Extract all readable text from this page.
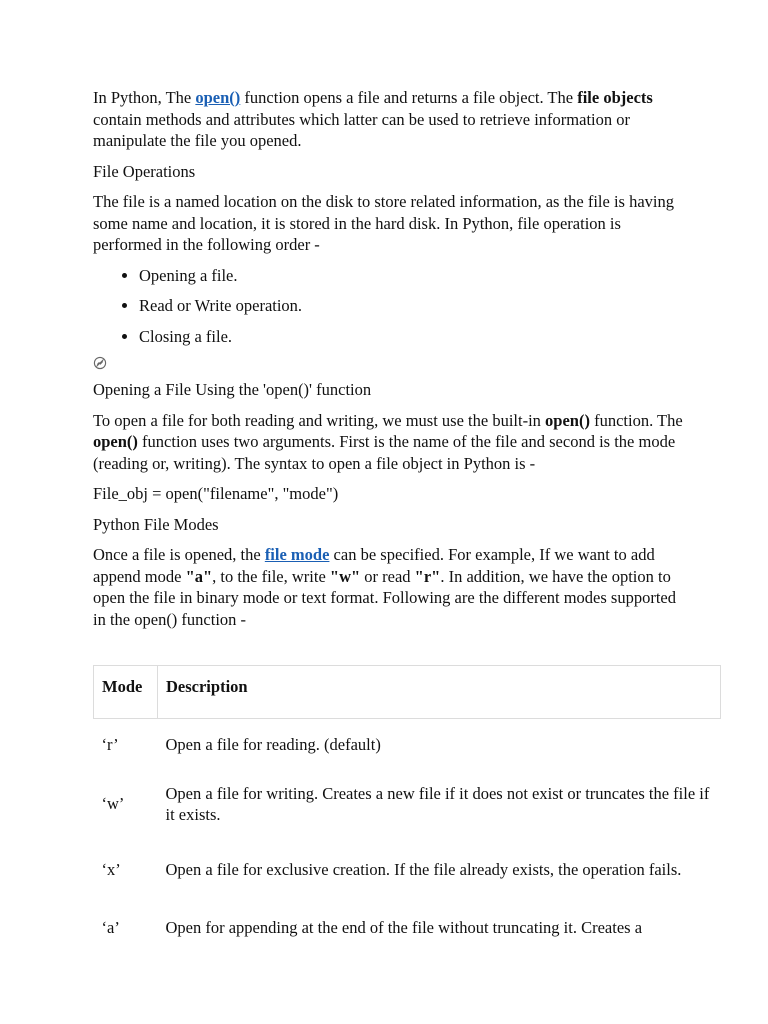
In Python, The open() function opens a file and returns a file object. The file objects contain methods and attributes which latter can be used to retrieve information or manipulate the file you opened.

File Operations

The file is a named location on the disk to store related information, as the file is having some name and location, it is stored in the hard disk. In Python, file operation is performed in the following order -

• Opening a file.
• Read or Write operation.
• Closing a file.

Opening a File Using the 'open()' function

To open a file for both reading and writing, we must use the built-in open() function. The open() function uses two arguments. First is the name of the file and second is the mode (reading or, writing). The syntax to open a file object in Python is -

File_obj = open("filename", "mode")

Python File Modes

Once a file is opened, the file mode can be specified. For example, If we want to add append mode "a", to the file, write "w" or read "r". In addition, we have the option to open the file in binary mode or text format. Following are the different modes supported in the open() function -

Mode	Description
‘r’	Open a file for reading. (default)
‘w’	Open a file for writing. Creates a new file if it does not exist or truncates the file if it exists.
‘x’	Open a file for exclusive creation. If the file already exists, the operation fails.
‘a’	Open for appending at the end of the file without truncating it. Creates a
